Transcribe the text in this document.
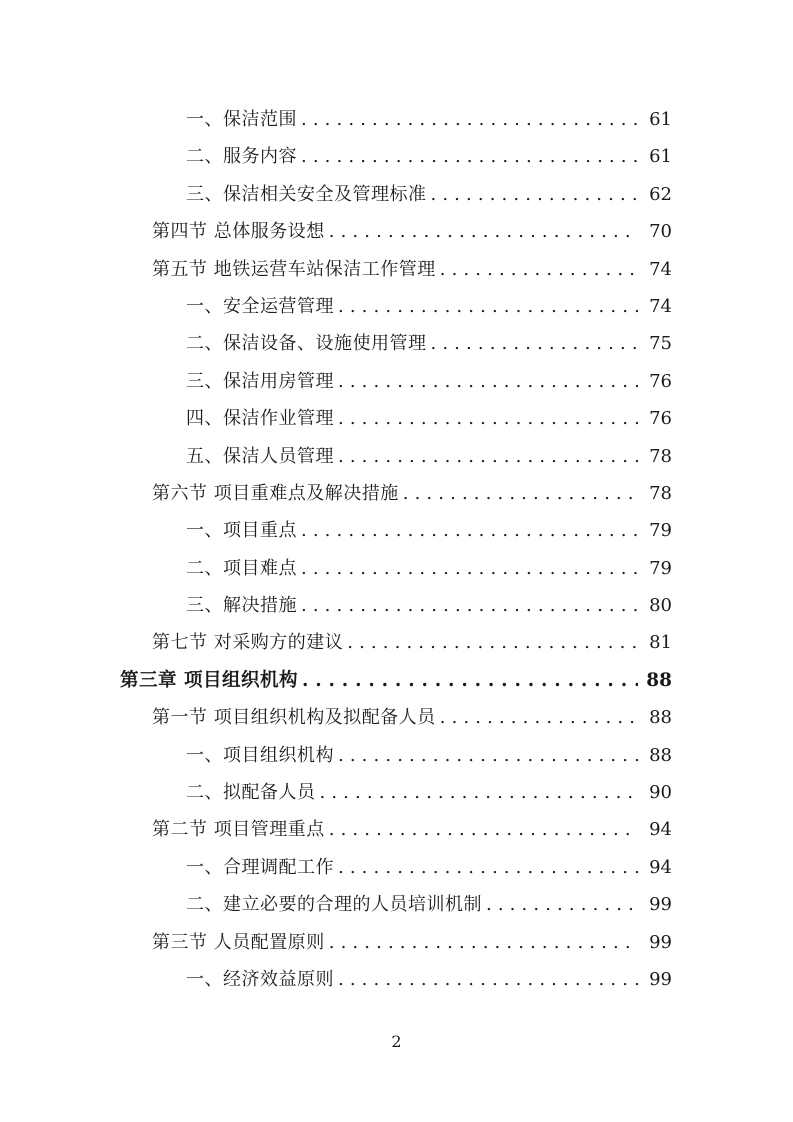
一、保洁范围 . . .	61
二、服务内容 . . .	61
三、保洁相关安全及管理标准 . . .	62
第四节 总体服务设想 . . .	70
第五节 地铁运营车站保洁工作管理 . . .	74
一、安全运营管理 . . .	74
二、保洁设备、设施使用管理 . . .	75
三、保洁用房管理 . . .	76
四、保洁作业管理 . . .	76
五、保洁人员管理 . . .	78
第六节 项目重难点及解决措施 . . .	78
一、项目重点 . . .	79
二、项目难点 . . .	79
三、解决措施 . . .	80
第七节 对采购方的建议 . . .	81
第三章 项目组织机构 . . .	88
第一节 项目组织机构及拟配备人员 . . .	88
一、项目组织机构 . . .	88
二、拟配备人员 . . .	90
第二节 项目管理重点 . . .	94
一、合理调配工作 . . .	94
二、建立必要的合理的人员培训机制 . . .	99
第三节 人员配置原则 . . .	99
一、经济效益原则 . . .	99
2
